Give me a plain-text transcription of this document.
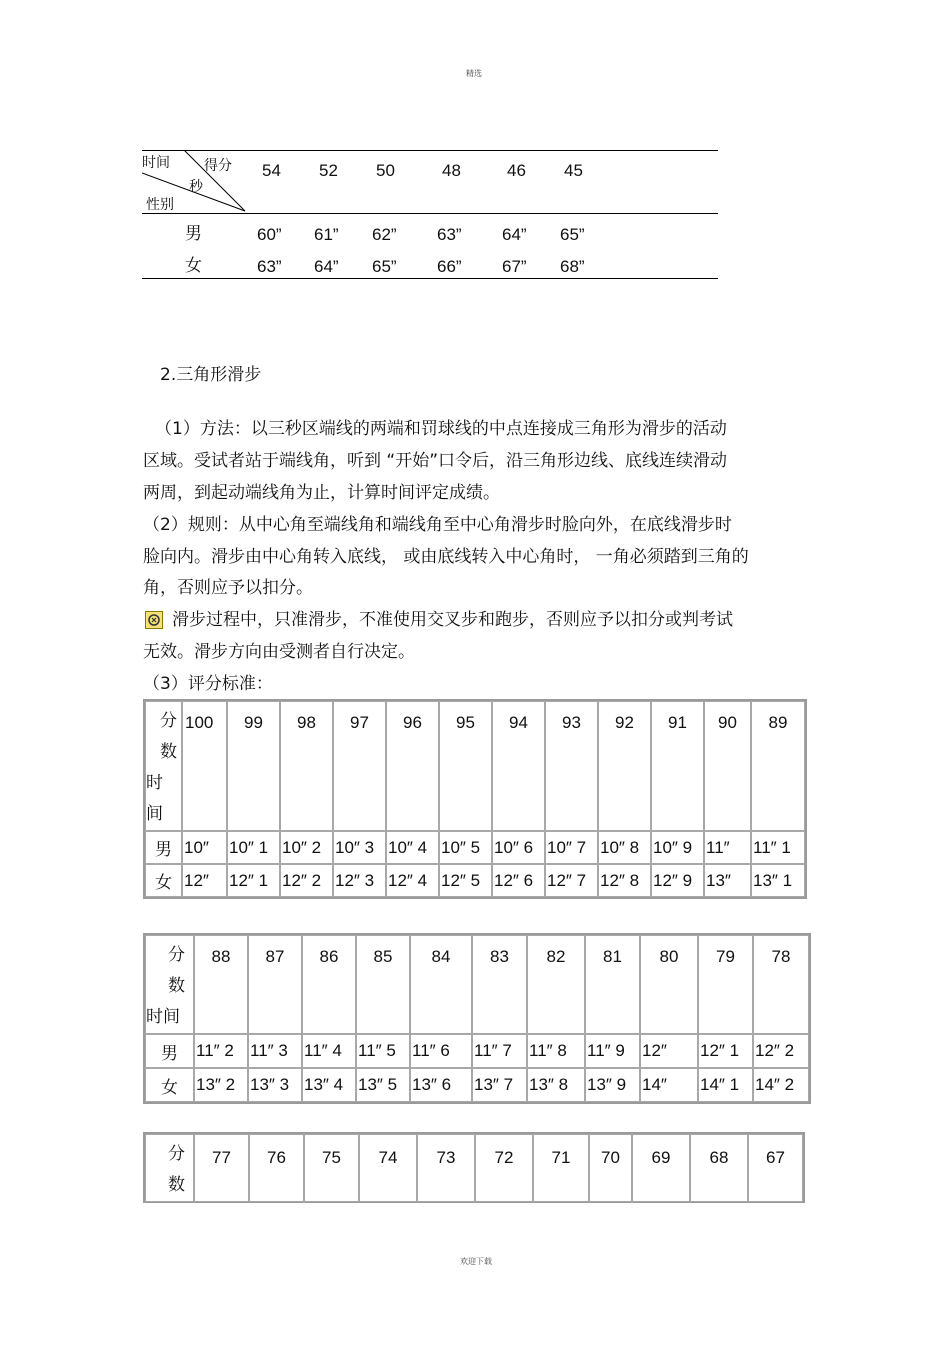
精选
欢迎下载
得分
秒
时间
性别
54 52 50	48	46 45
男	60” 61” 62” 63” 64” 65”
女	63” 64” 65” 66” 67” 68”
2.三角形滑步
（1）方法：以三秒区端线的两端和罚球线的中点连接成三角形为滑步的活动
区域。受试者站于端线角，听到 “开始”口令后，沿三角形边线、底线连续滑动
两周，到起动端线角为止，计算时间评定成绩。
（2）规则：从中心角至端线角和端线角至中心角滑步时脸向外，在底线滑步时
脸向内。滑步由中心角转入底线， 或由底线转入中心角时， 一角必须踏到三角的
角，否则应予以扣分。
滑步过程中，只准滑步，不准使用交叉步和跑步，否则应予以扣分或判考试
无效。滑步方向由受测者自行决定。
（3）评分标准：
分
数
时
间	100	99	98	97	96	95	94	93	92	91	90	89
男	10″	10″ 1	10″ 2	10″ 3	10″ 4	10″ 5	10″ 6	10″ 7	10″ 8	10″ 9	11″	11″ 1
女	12″	12″ 1	12″ 2	12″ 3	12″ 4	12″ 5	12″ 6	12″ 7	12″ 8	12″ 9	13″	13″ 1
分
数
时间	88	87	86	85	84	83	82	81	80	79	78
男	11″ 2	11″ 3	11″ 4	11″ 5	11″ 6	11″ 7	11″ 8	11″ 9	12″	12″ 1	12″ 2
女	13″ 2	13″ 3	13″ 4	13″ 5	13″ 6	13″ 7	13″ 8	13″ 9	14″	14″ 1	14″ 2
分
数
	77	76	75	74	73	72	71	70	69	68	67
